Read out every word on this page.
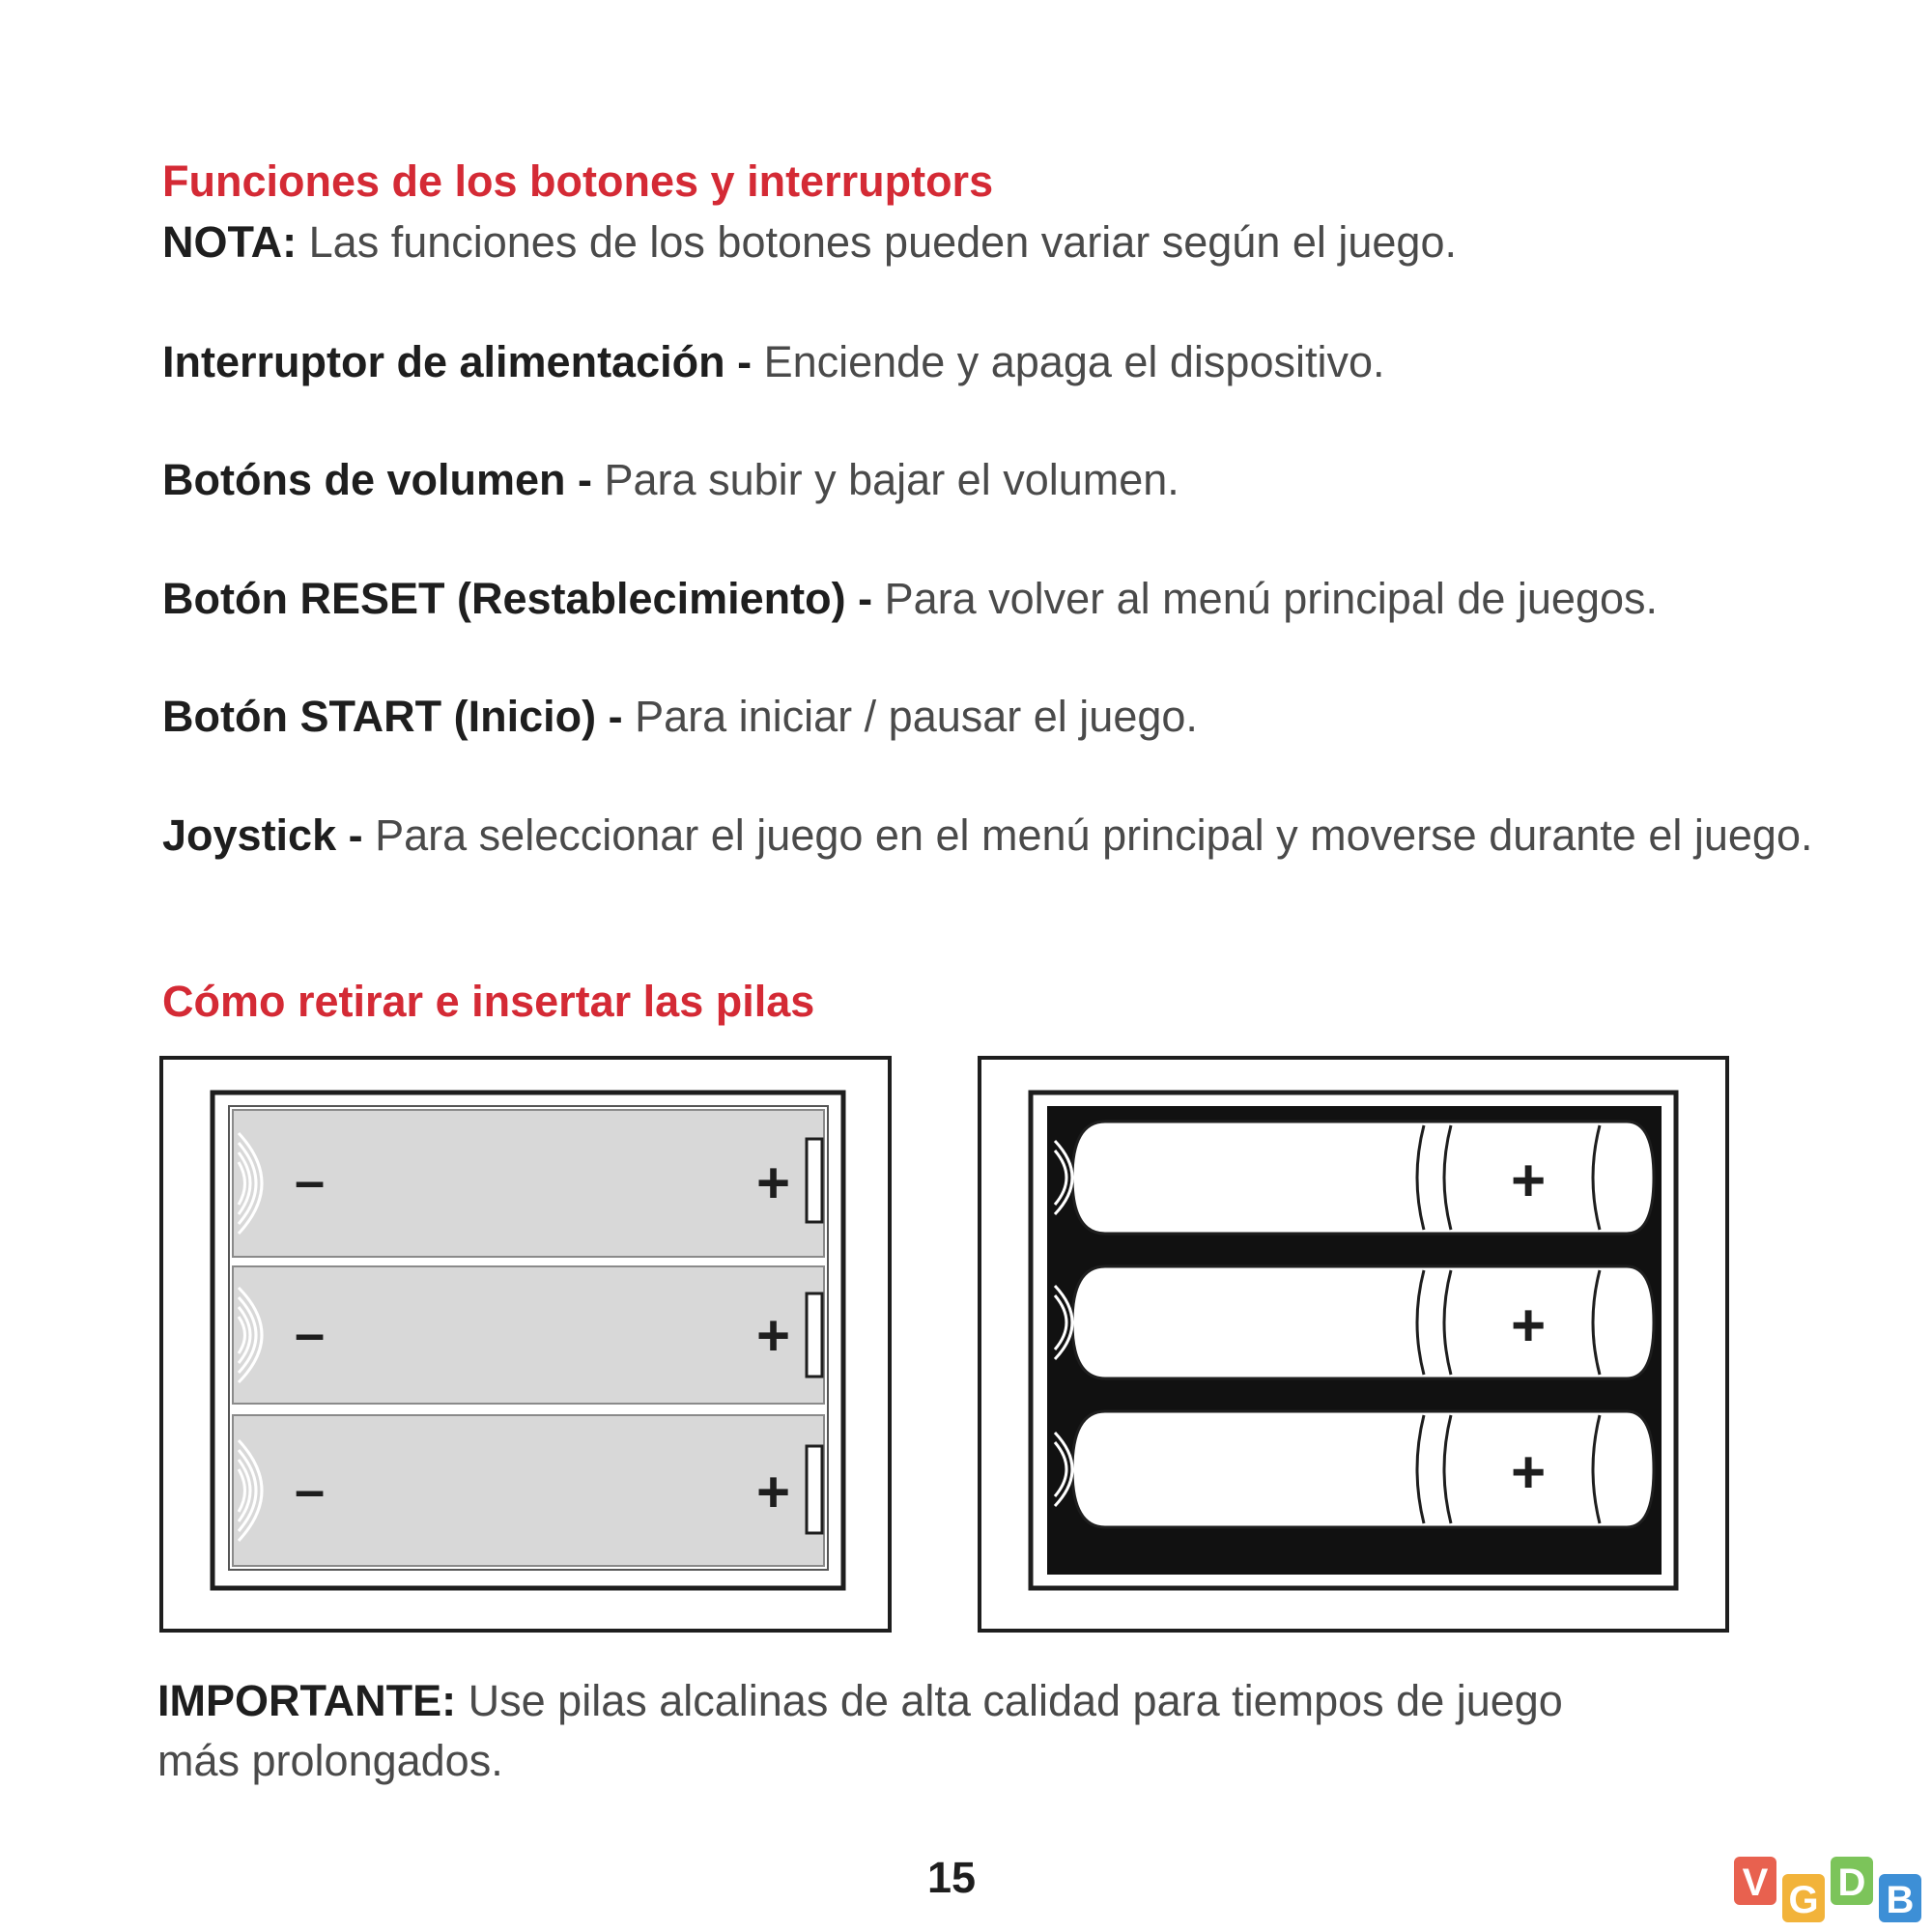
Funciones de los botones y interruptors

NOTA: Las funciones de los botones pueden variar según el juego.

Interruptor de alimentación - Enciende y apaga el dispositivo.

Botóns de volumen - Para subir y bajar el volumen.

Botón RESET (Restablecimiento) - Para volver al menú principal de juegos.

Botón START (Inicio) - Para iniciar / pausar el juego.

Joystick - Para seleccionar el juego en el menú principal y moverse durante el juego.

Cómo retirar e insertar las pilas
–	+
–	+
–	+
+
+
+

IMPORTANTE: Use pilas alcalinas de alta calidad para tiempos de juego
más prolongados.

15	V G D B
